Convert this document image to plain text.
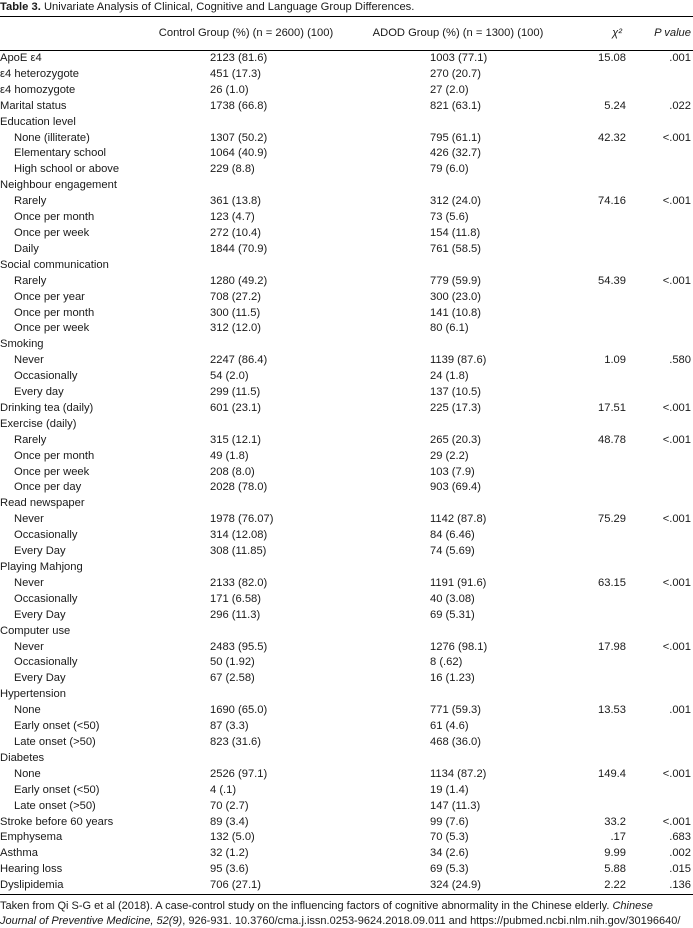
Table 3. Univariate Analysis of Clinical, Cognitive and Language Group Differences.

	Control Group (%) (n = 2600) (100)	ADOD Group (%) (n = 1300) (100)	χ²	P value
ApoE ε4	2123 (81.6)	1003 (77.1)	15.08	.001
ε4 heterozygote	451 (17.3)	270 (20.7)		
ε4 homozygote	26 (1.0)	27 (2.0)		
Marital status	1738 (66.8)	821 (63.1)	5.24	.022
Education level				
None (illiterate)	1307 (50.2)	795 (61.1)	42.32	<.001
Elementary school	1064 (40.9)	426 (32.7)		
High school or above	229 (8.8)	79 (6.0)		
Neighbour engagement				
Rarely	361 (13.8)	312 (24.0)	74.16	<.001
Once per month	123 (4.7)	73 (5.6)		
Once per week	272 (10.4)	154 (11.8)		
Daily	1844 (70.9)	761 (58.5)		
Social communication				
Rarely	1280 (49.2)	779 (59.9)	54.39	<.001
Once per year	708 (27.2)	300 (23.0)		
Once per month	300 (11.5)	141 (10.8)		
Once per week	312 (12.0)	80 (6.1)		
Smoking				
Never	2247 (86.4)	1139 (87.6)	1.09	.580
Occasionally	54 (2.0)	24 (1.8)		
Every day	299 (11.5)	137 (10.5)		
Drinking tea (daily)	601 (23.1)	225 (17.3)	17.51	<.001
Exercise (daily)				
Rarely	315 (12.1)	265 (20.3)	48.78	<.001
Once per month	49 (1.8)	29 (2.2)		
Once per week	208 (8.0)	103 (7.9)		
Once per day	2028 (78.0)	903 (69.4)		
Read newspaper				
Never	1978 (76.07)	1142 (87.8)	75.29	<.001
Occasionally	314 (12.08)	84 (6.46)		
Every Day	308 (11.85)	74 (5.69)		
Playing Mahjong				
Never	2133 (82.0)	1191 (91.6)	63.15	<.001
Occasionally	171 (6.58)	40 (3.08)		
Every Day	296 (11.3)	69 (5.31)		
Computer use				
Never	2483 (95.5)	1276 (98.1)	17.98	<.001
Occasionally	50 (1.92)	8 (.62)		
Every Day	67 (2.58)	16 (1.23)		
Hypertension				
None	1690 (65.0)	771 (59.3)	13.53	.001
Early onset (<50)	87 (3.3)	61 (4.6)		
Late onset (>50)	823 (31.6)	468 (36.0)		
Diabetes				
None	2526 (97.1)	1134 (87.2)	149.4	<.001
Early onset (<50)	4 (.1)	19 (1.4)		
Late onset (>50)	70 (2.7)	147 (11.3)		
Stroke before 60 years	89 (3.4)	99 (7.6)	33.2	<.001
Emphysema	132 (5.0)	70 (5.3)	.17	.683
Asthma	32 (1.2)	34 (2.6)	9.99	.002
Hearing loss	95 (3.6)	69 (5.3)	5.88	.015
Dyslipidemia	706 (27.1)	324 (24.9)	2.22	.136

Taken from Qi S-G et al (2018). A case-control study on the influencing factors of cognitive abnormality in the Chinese elderly. Chinese Journal of Preventive Medicine, 52(9), 926-931. 10.3760/cma.j.issn.0253-9624.2018.09.011 and https://pubmed.ncbi.nlm.nih.gov/30196640/
